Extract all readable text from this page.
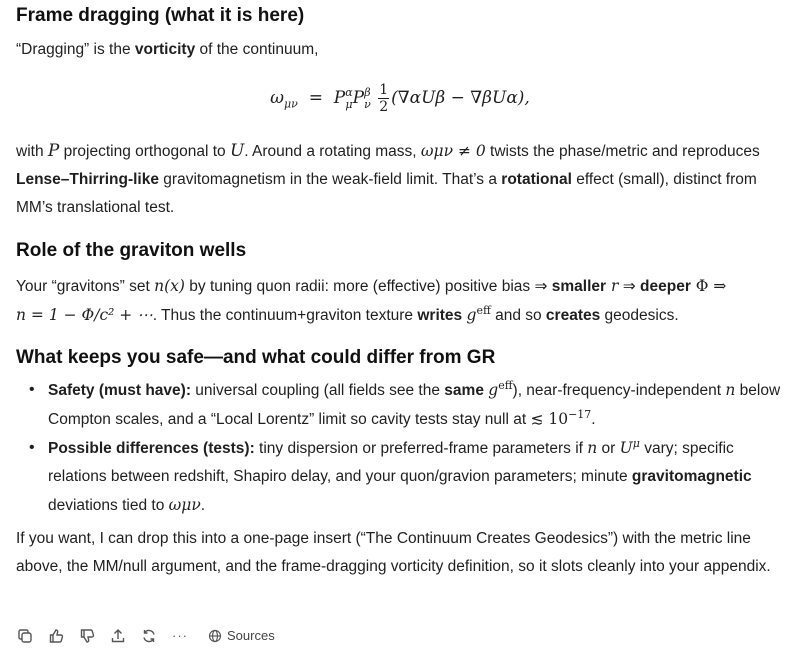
Frame dragging (what it is here)
“Dragging” is the vorticity of the continuum,
$\omega_{\mu\nu} = P$ α
μ P β
ν
$\frac{1}{2} (\nabla\alpha U\beta - \nabla\beta U\alpha)$,
with P projecting orthogonal to U. Around a rotating mass, ωμν ≠ 0 twists the phase/metric and reproduces Lense–Thirring-like gravitomagnetism in the weak-field limit. That’s a rotational effect (small), distinct from MM’s translational test.
Role of the graviton wells
Your “gravitons” set n(x) by tuning quon radii: more (effective) positive bias ⇒ smaller r ⇒ deeper Φ ⇒
n = 1 − Φ/c² + ⋯. Thus the continuum+graviton texture writes $g^{eff}$ and so creates geodesics.
What keeps you safe—and what could differ from GR
• Safety (must have): universal coupling (all fields see the same $g^{eff}$), near-frequency-independent n below Compton scales, and a “Local Lorentz” limit so cavity tests stay null at ≲ $10^{-17}$.
• Possible differences (tests): tiny dispersion or preferred-frame parameters if n or $U^\mu$ vary; specific relations between redshift, Shapiro delay, and your quon/gravion parameters; minute gravitomagnetic deviations tied to ωμν.
If you want, I can drop this into a one-page insert (“The Continuum Creates Geodesics”) with the metric line above, the MM/null argument, and the frame-dragging vorticity definition, so it slots cleanly into your appendix.
···	Sources
